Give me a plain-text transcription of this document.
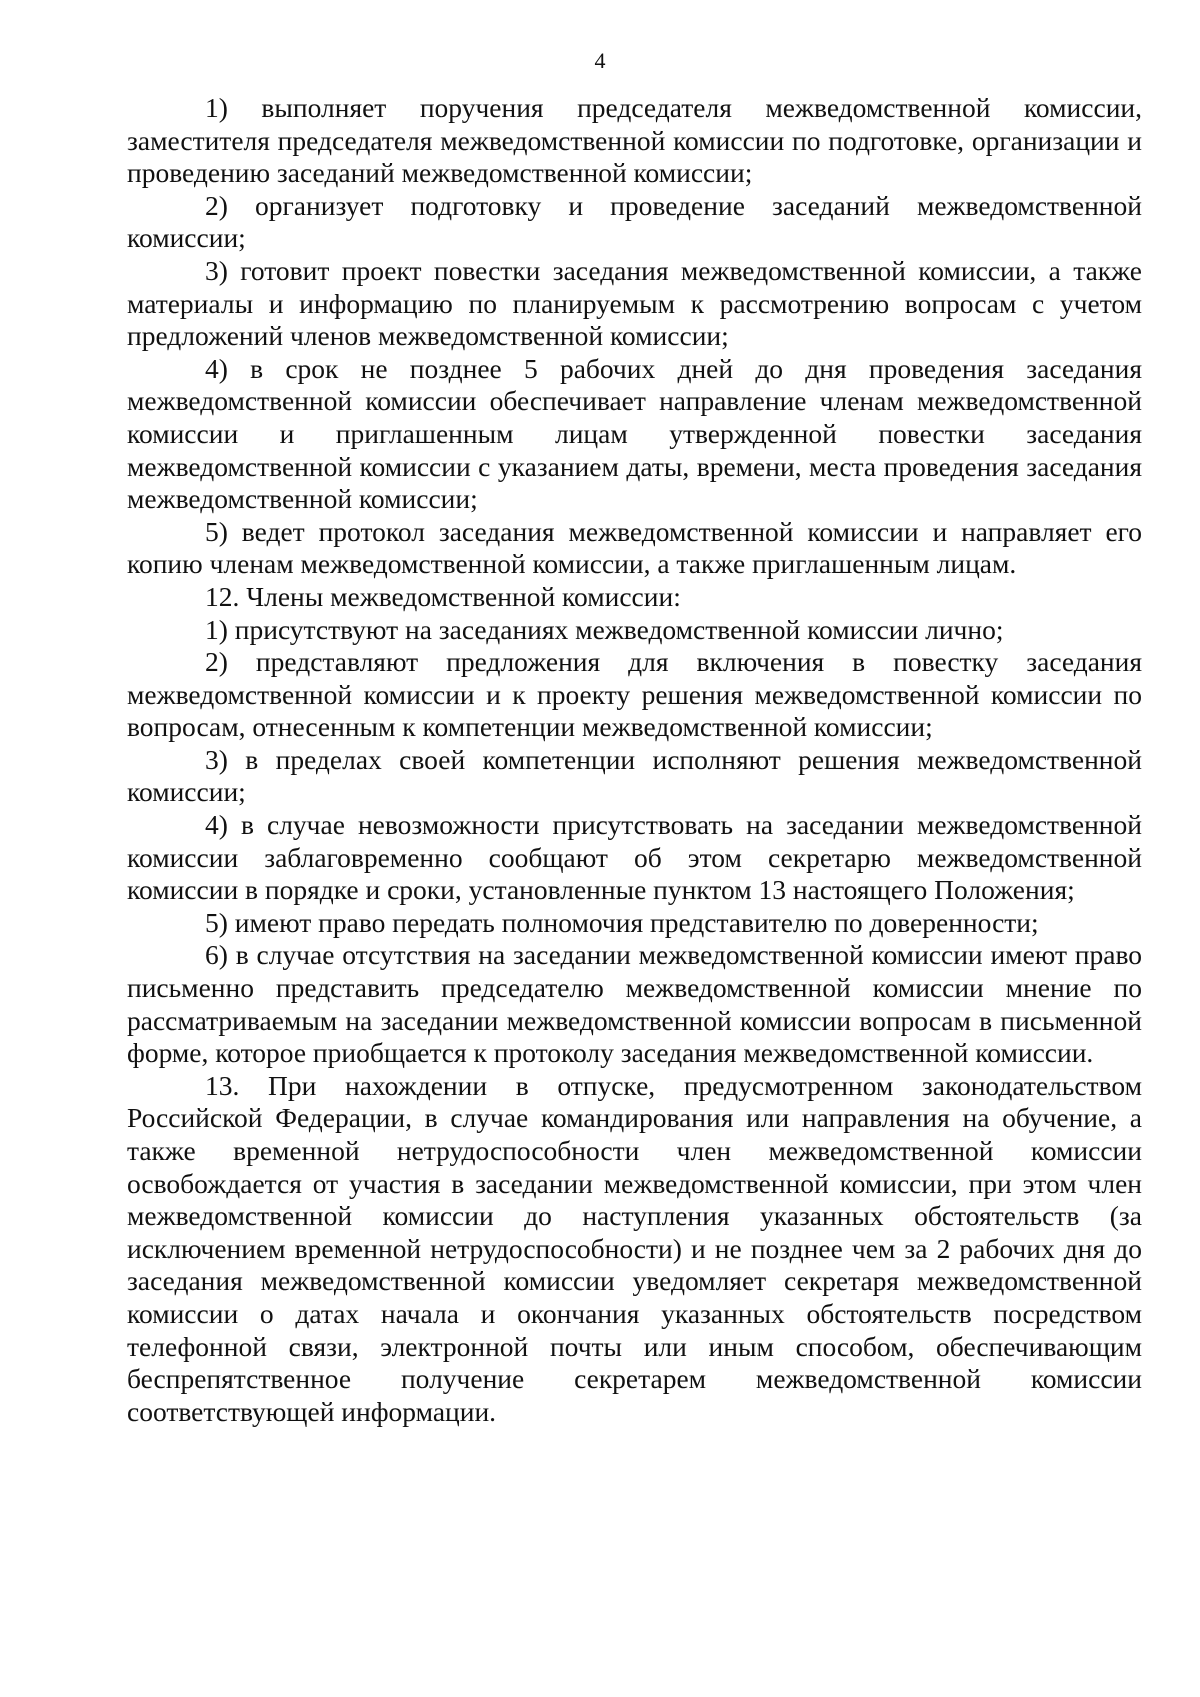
4

1) выполняет поручения председателя межведомственной комиссии, заместителя председателя межведомственной комиссии по подготовке, организации и проведению заседаний межведомственной комиссии;

2) организует подготовку и проведение заседаний межведомственной комиссии;

3) готовит проект повестки заседания межведомственной комиссии, а также материалы и информацию по планируемым к рассмотрению вопросам с учетом предложений членов межведомственной комиссии;

4) в срок не позднее 5 рабочих дней до дня проведения заседания межведомственной комиссии обеспечивает направление членам межведомственной комиссии и приглашенным лицам утвержденной повестки заседания межведомственной комиссии с указанием даты, времени, места проведения заседания межведомственной комиссии;

5) ведет протокол заседания межведомственной комиссии и направляет его копию членам межведомственной комиссии, а также приглашенным лицам.

12. Члены межведомственной комиссии:

1) присутствуют на заседаниях межведомственной комиссии лично;

2) представляют предложения для включения в повестку заседания межведомственной комиссии и к проекту решения межведомственной комиссии по вопросам, отнесенным к компетенции межведомственной комиссии;

3) в пределах своей компетенции исполняют решения межведомственной комиссии;

4) в случае невозможности присутствовать на заседании межведомственной комиссии заблаговременно сообщают об этом секретарю межведомственной комиссии в порядке и сроки, установленные пунктом 13 настоящего Положения;

5) имеют право передать полномочия представителю по доверенности;

6) в случае отсутствия на заседании межведомственной комиссии имеют право письменно представить председателю межведомственной комиссии мнение по рассматриваемым на заседании межведомственной комиссии вопросам в письменной форме, которое приобщается к протоколу заседания межведомственной комиссии.

13. При нахождении в отпуске, предусмотренном законодательством Российской Федерации, в случае командирования или направления на обучение, а также временной нетрудоспособности член межведомственной комиссии освобождается от участия в заседании межведомственной комиссии, при этом член межведомственной комиссии до наступления указанных обстоятельств (за исключением временной нетрудоспособности) и не позднее чем за 2 рабочих дня до заседания межведомственной комиссии уведомляет секретаря межведомственной комиссии о датах начала и окончания указанных обстоятельств посредством телефонной связи, электронной почты или иным способом, обеспечивающим беспрепятственное получение секретарем межведомственной комиссии соответствующей информации.
